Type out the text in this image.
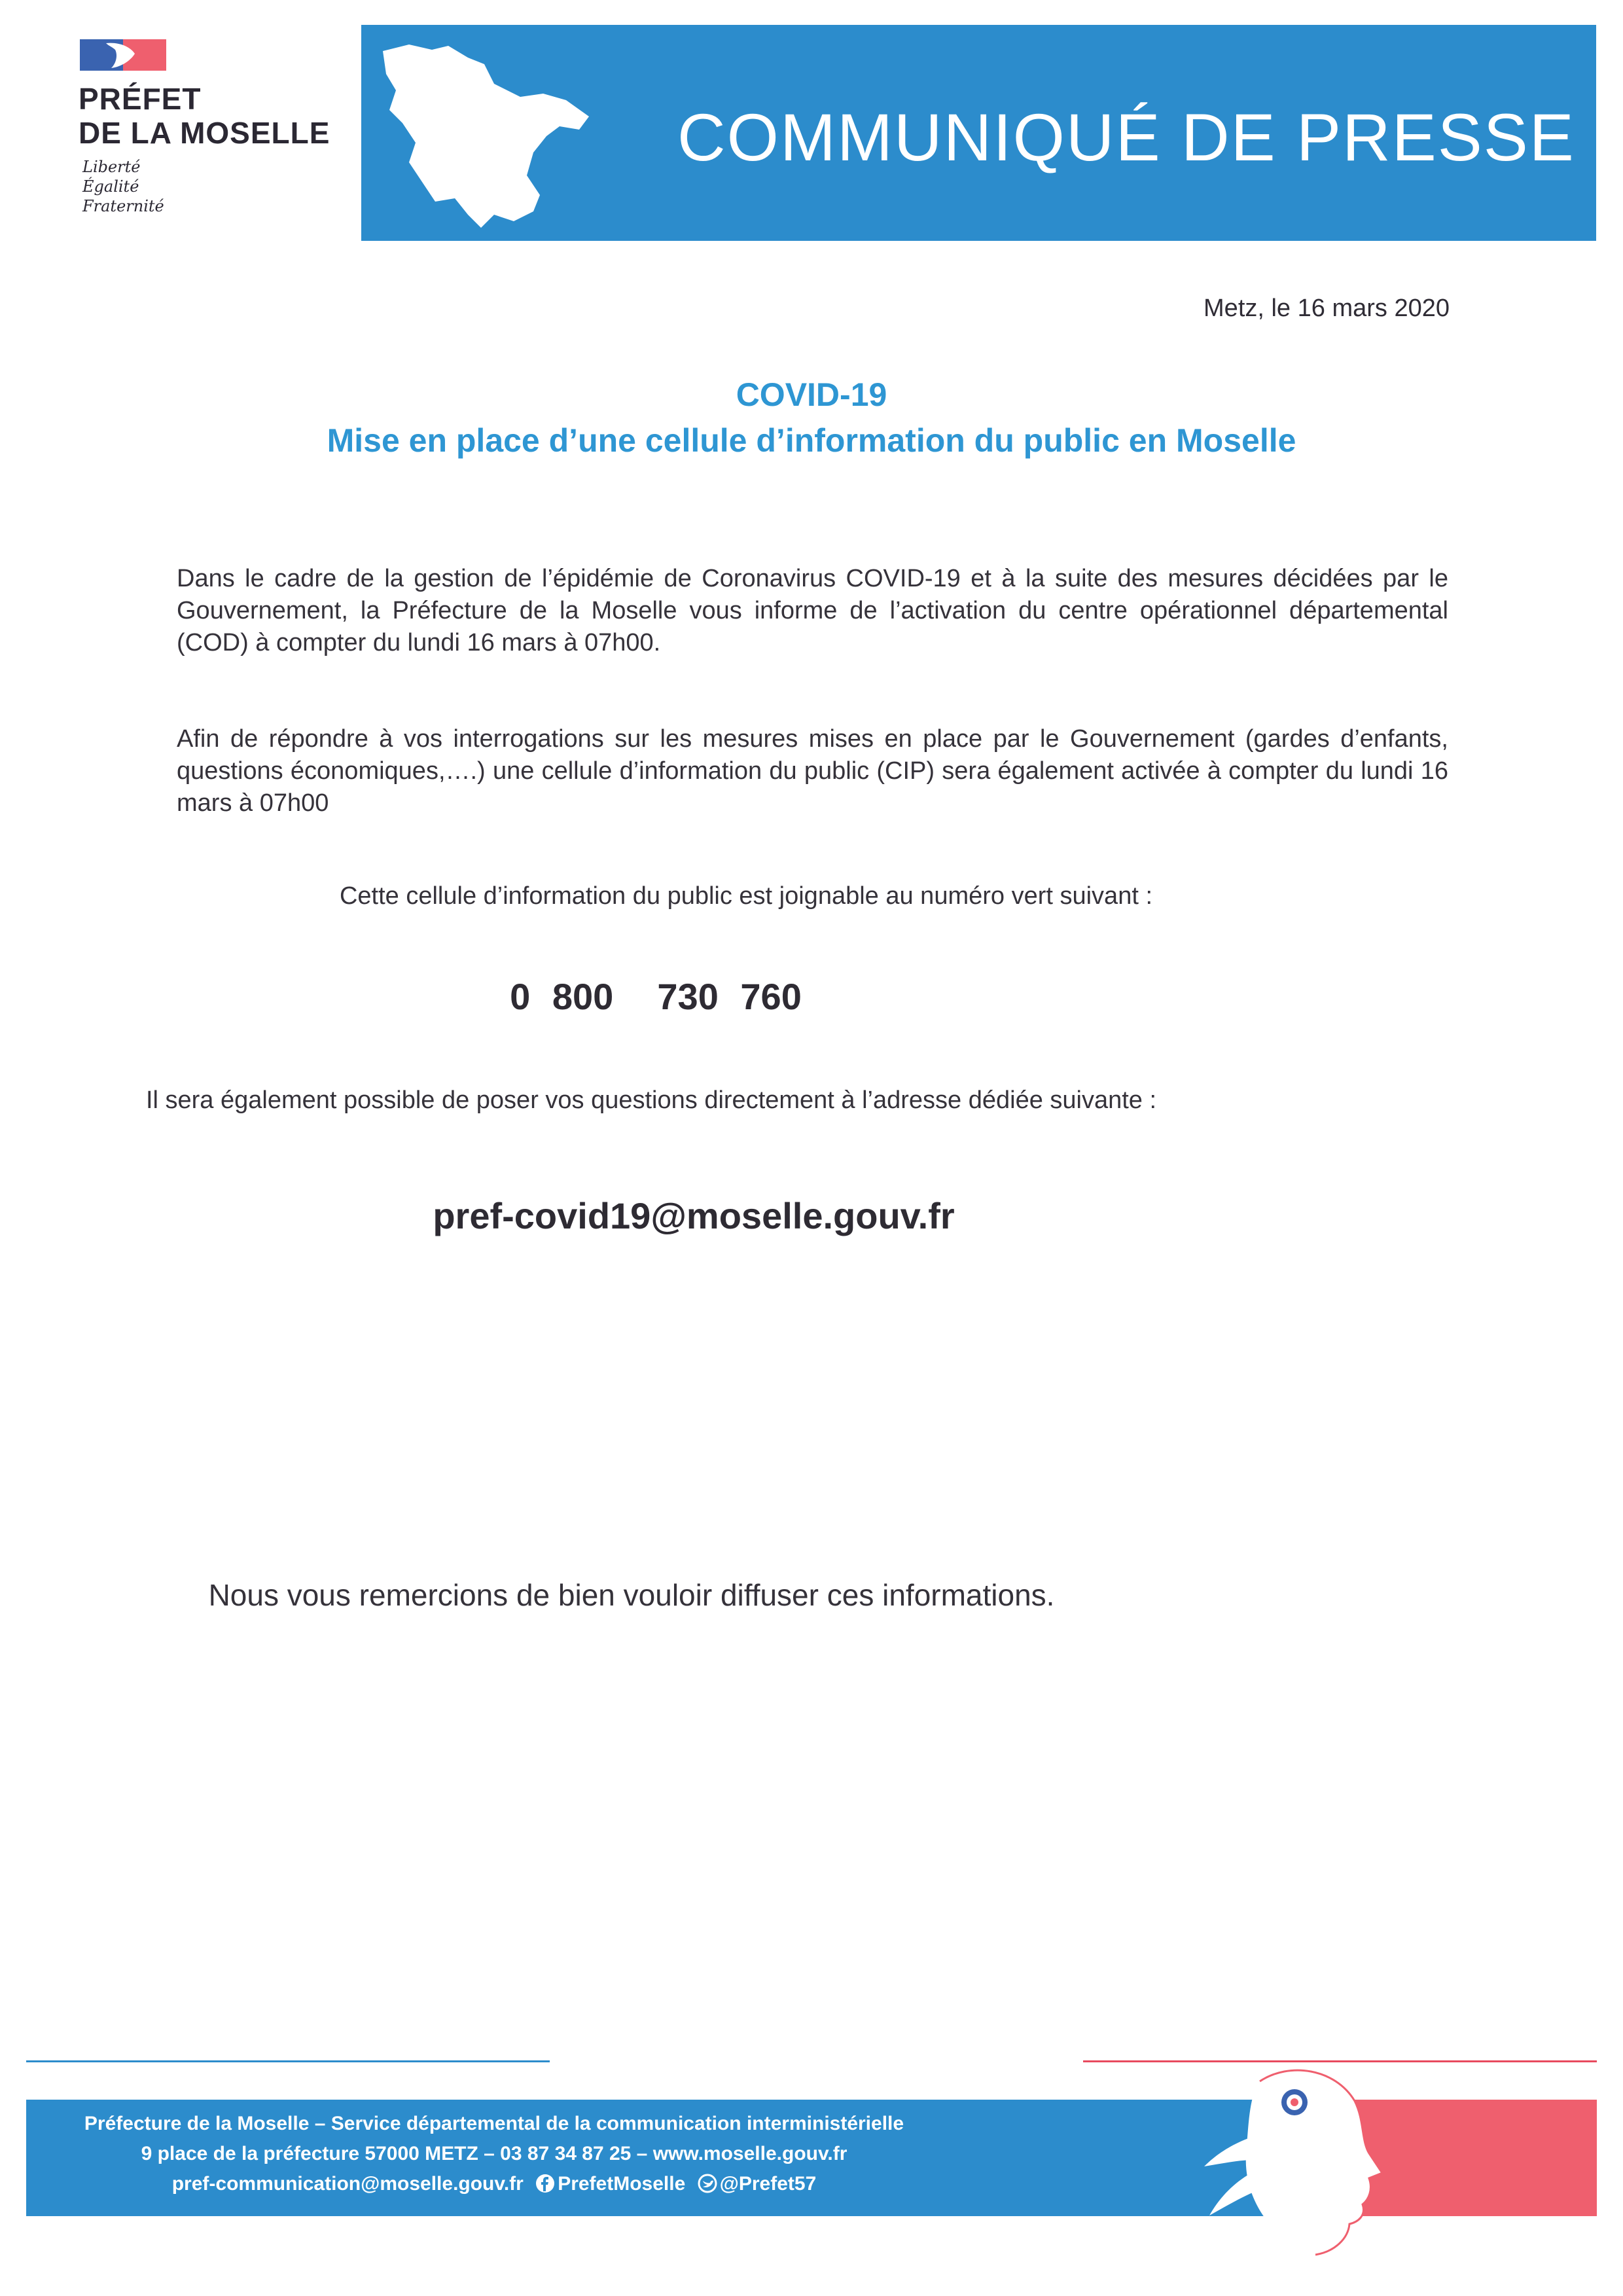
PRÉFET
DE LA MOSELLE
Liberté
Égalité
Fraternité
COMMUNIQUÉ DE PRESSE
Metz, le 16 mars 2020
COVID-19
Mise en place d’une cellule d’information du public en Moselle
Dans le cadre de la gestion de l’épidémie de Coronavirus COVID-19 et à la suite des mesures décidées par le Gouvernement, la Préfecture de la Moselle vous informe de l’activation du centre opérationnel départemental (COD) à compter du lundi 16 mars à 07h00.
Afin de répondre à vos interrogations sur les mesures mises en place par le Gouvernement (gardes d’enfants, questions économiques,….) une cellule d’information du public (CIP) sera également activée à compter du lundi 16 mars à 07h00
Cette cellule d’information du public est joignable au numéro vert suivant :
0 800  730 760
Il sera également possible de poser vos questions directement à l’adresse dédiée suivante :
pref-covid19@moselle.gouv.fr
Nous vous remercions de bien vouloir diffuser ces informations.
Préfecture de la Moselle – Service départemental de la communication interministérielle
9 place de la préfecture 57000 METZ – 03 87 34 87 25 – www.moselle.gouv.fr
pref-communication@moselle.gouv.fr PrefetMoselle @Prefet57
